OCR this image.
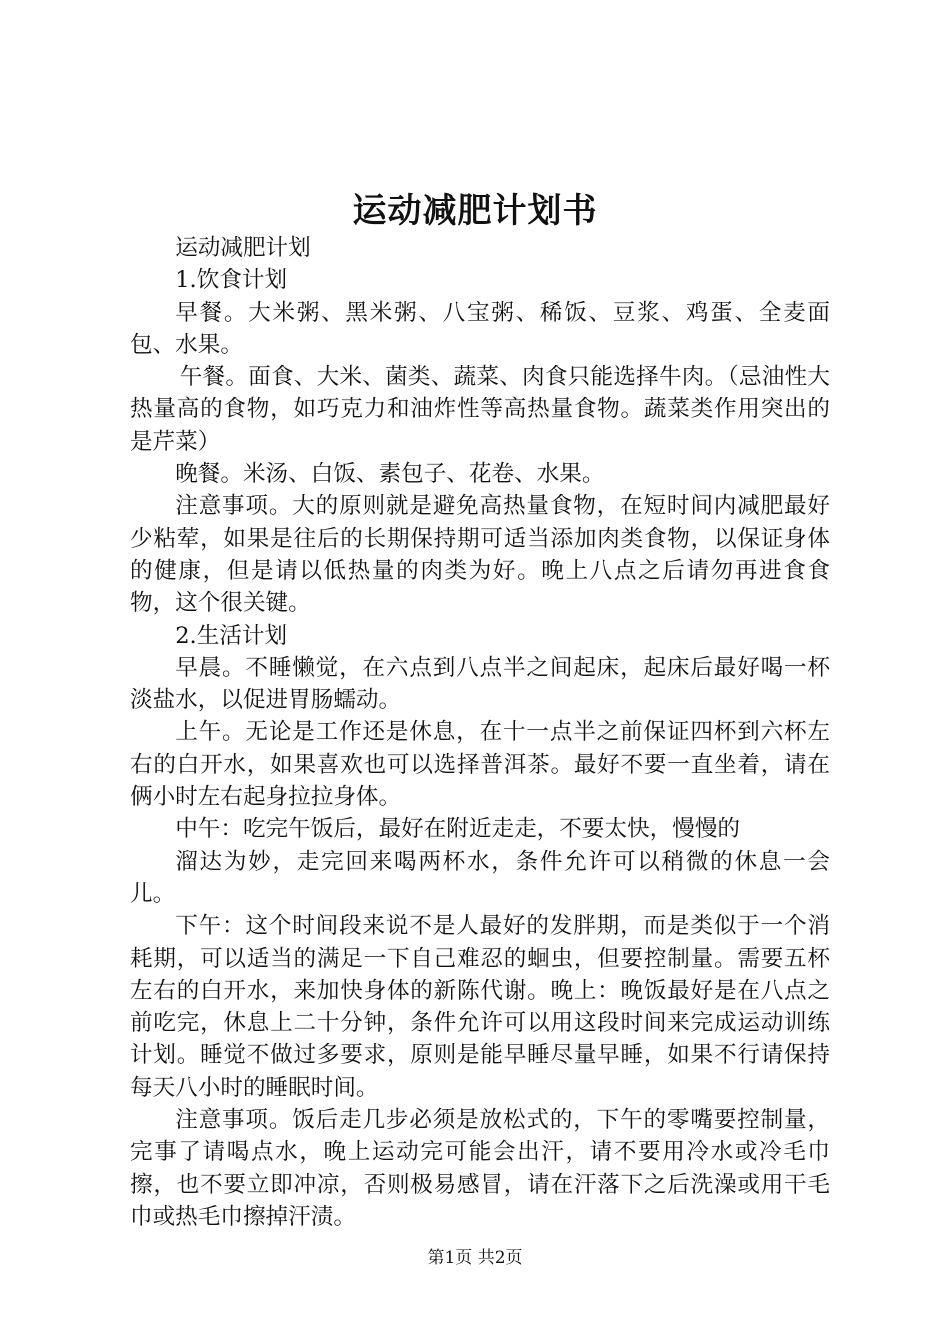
运动减肥计划书

运动减肥计划

1.饮食计划

早餐。大米粥、黑米粥、八宝粥、稀饭、豆浆、鸡蛋、全麦面包、水果。

午餐。面食、大米、菌类、蔬菜、肉食只能选择牛肉。（忌油性大热量高的食物，如巧克力和油炸性等高热量食物。蔬菜类作用突出的是芹菜）

晚餐。米汤、白饭、素包子、花卷、水果。

注意事项。大的原则就是避免高热量食物，在短时间内减肥最好少粘荤，如果是往后的长期保持期可适当添加肉类食物，以保证身体的健康，但是请以低热量的肉类为好。晚上八点之后请勿再进食食物，这个很关键。

2.生活计划

早晨。不睡懒觉，在六点到八点半之间起床，起床后最好喝一杯淡盐水，以促进胃肠蠕动。

上午。无论是工作还是休息，在十一点半之前保证四杯到六杯左右的白开水，如果喜欢也可以选择普洱茶。最好不要一直坐着，请在俩小时左右起身拉拉身体。

中午：吃完午饭后，最好在附近走走，不要太快，慢慢的

溜达为妙，走完回来喝两杯水，条件允许可以稍微的休息一会儿。

下午：这个时间段来说不是人最好的发胖期，而是类似于一个消耗期，可以适当的满足一下自己难忍的蛔虫，但要控制量。需要五杯左右的白开水，来加快身体的新陈代谢。晚上：晚饭最好是在八点之前吃完，休息上二十分钟，条件允许可以用这段时间来完成运动训练计划。睡觉不做过多要求，原则是能早睡尽量早睡，如果不行请保持每天八小时的睡眠时间。

注意事项。饭后走几步必须是放松式的，下午的零嘴要控制量，完事了请喝点水，晚上运动完可能会出汗，请不要用冷水或冷毛巾擦，也不要立即冲凉，否则极易感冒，请在汗落下之后洗澡或用干毛巾或热毛巾擦掉汗渍。

第1页 共2页
